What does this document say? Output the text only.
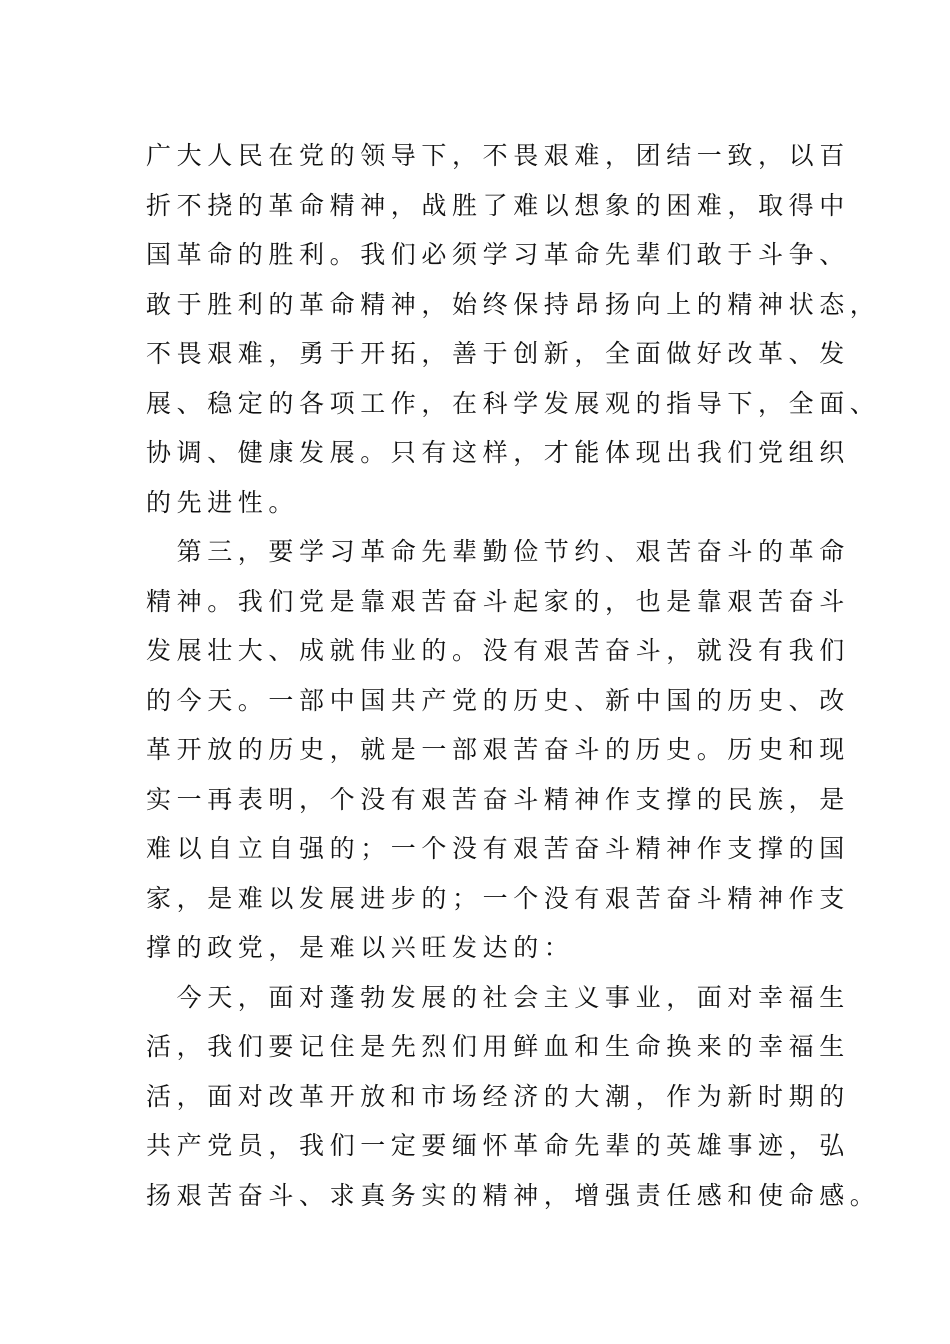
广大人民在党的领导下，不畏艰难，团结一致，以百
折不挠的革命精神，战胜了难以想象的困难，取得中
国革命的胜利。我们必须学习革命先辈们敢于斗争、
敢于胜利的革命精神，始终保持昂扬向上的精神状态，
不畏艰难，勇于开拓，善于创新，全面做好改革、发
展、稳定的各项工作，在科学发展观的指导下，全面、
协调、健康发展。只有这样，才能体现出我们党组织
的先进性。
　第三，要学习革命先辈勤俭节约、艰苦奋斗的革命
精神。我们党是靠艰苦奋斗起家的，也是靠艰苦奋斗
发展壮大、成就伟业的。没有艰苦奋斗，就没有我们
的今天。一部中国共产党的历史、新中国的历史、改
革开放的历史，就是一部艰苦奋斗的历史。历史和现
实一再表明，个没有艰苦奋斗精神作支撑的民族，是
难以自立自强的；一个没有艰苦奋斗精神作支撑的国
家，是难以发展进步的；一个没有艰苦奋斗精神作支
撑的政党，是难以兴旺发达的：
　今天，面对蓬勃发展的社会主义事业，面对幸福生
活，我们要记住是先烈们用鲜血和生命换来的幸福生
活，面对改革开放和市场经济的大潮，作为新时期的
共产党员，我们一定要缅怀革命先辈的英雄事迹，弘
扬艰苦奋斗、求真务实的精神，增强责任感和使命感。
